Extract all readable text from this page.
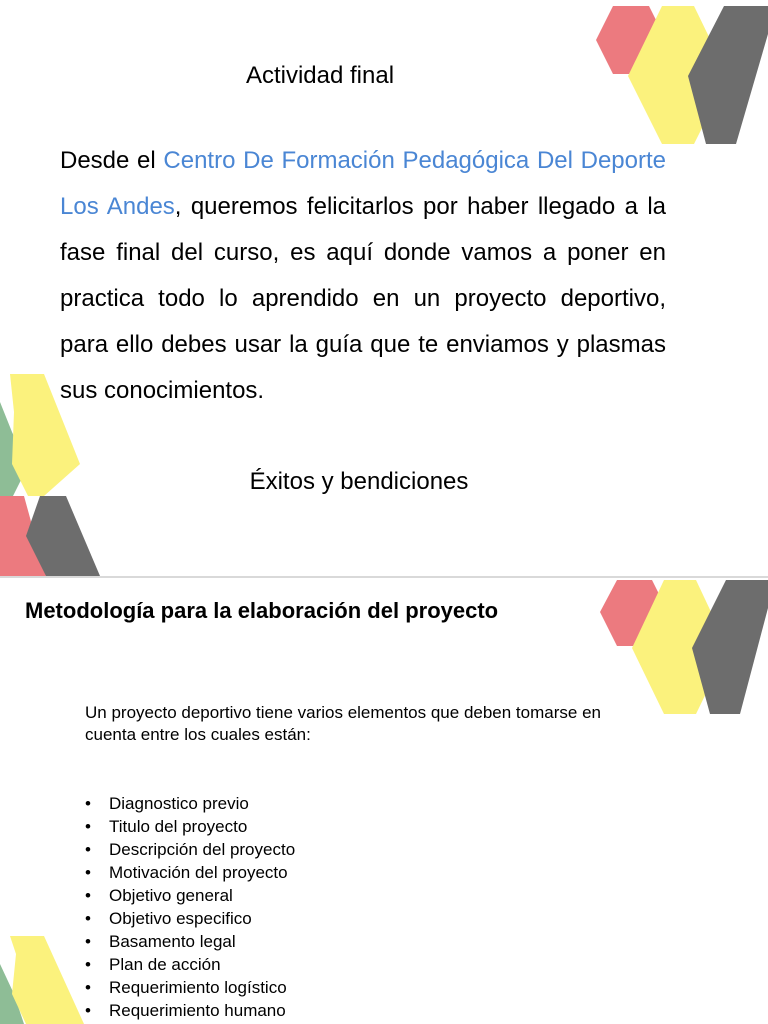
Actividad final

Desde el Centro De Formación Pedagógica Del Deporte Los Andes, queremos felicitarlos por haber llegado a la fase final del curso, es aquí donde vamos a poner en practica todo lo aprendido en un proyecto deportivo, para ello debes usar la guía que te enviamos y plasmas sus conocimientos.

Éxitos y bendiciones
Metodología para la elaboración del proyecto

Un proyecto deportivo tiene varios elementos que deben tomarse en cuenta entre los cuales están:

• Diagnostico previo
• Titulo del proyecto
• Descripción del proyecto
• Motivación del proyecto
• Objetivo general
• Objetivo especifico
• Basamento legal
• Plan de acción
• Requerimiento logístico
• Requerimiento humano
